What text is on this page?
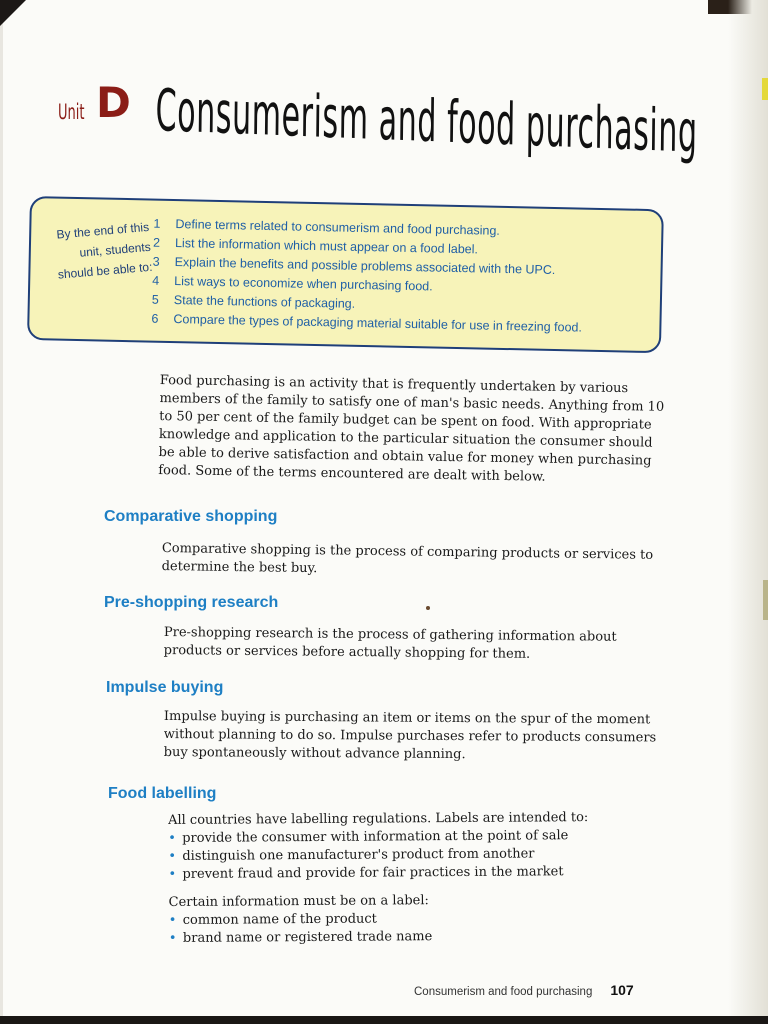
Unit D Consumerism and food purchasing
By the end of this unit, students should be able to:
1 Define terms related to consumerism and food purchasing.
2 List the information which must appear on a food label.
3 Explain the benefits and possible problems associated with the UPC.
4 List ways to economize when purchasing food.
5 State the functions of packaging.
6 Compare the types of packaging material suitable for use in freezing food.

Food purchasing is an activity that is frequently undertaken by various members of the family to satisfy one of man's basic needs. Anything from 10 to 50 per cent of the family budget can be spent on food. With appropriate knowledge and application to the particular situation the consumer should be able to derive satisfaction and obtain value for money when purchasing food. Some of the terms encountered are dealt with below.

Comparative shopping

Comparative shopping is the process of comparing products or services to determine the best buy.

Pre-shopping research

Pre-shopping research is the process of gathering information about products or services before actually shopping for them.

Impulse buying

Impulse buying is purchasing an item or items on the spur of the moment without planning to do so. Impulse purchases refer to products consumers buy spontaneously without advance planning.

Food labelling
All countries have labelling regulations. Labels are intended to:
• provide the consumer with information at the point of sale
• distinguish one manufacturer's product from another
• prevent fraud and provide for fair practices in the market
Certain information must be on a label:
• common name of the product
• brand name or registered trade name
Consumerism and food purchasing 107
